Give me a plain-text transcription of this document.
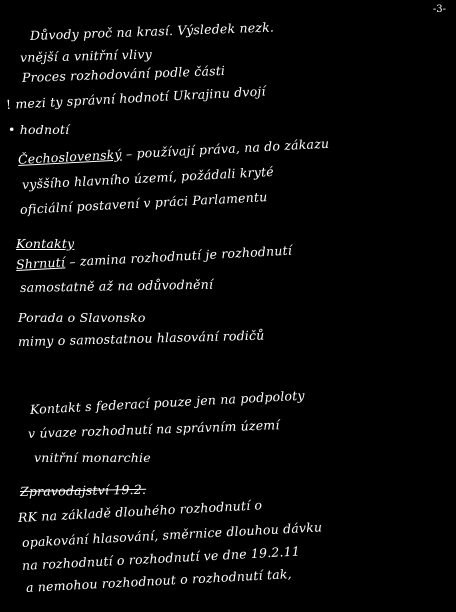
-3-
Důvody proč na krasí. Výsledek nezk.
vnější a vnitřní vlivy
Proces rozhodování podle části
! mezi ty správní hodnotí Ukrajinu dvojí
• hodnotí
Čechoslovenský – používají práva, na do zákazu
vyššího hlavního území, požádali kryté
oficiální postavení v práci Parlamentu
Kontakty
Shrnutí – zamina rozhodnutí je rozhodnutí
samostatně až na odůvodnění
Porada o Slavonsko
mimy o samostatnou hlasování rodičů
Kontakt s federací pouze jen na podpoloty
v úvaze rozhodnutí na správním území
vnitřní monarchie
Zpravodajství 19.2.
RK na základě dlouhého rozhodnutí o
opakování hlasování, směrnice dlouhou dávku
na rozhodnutí o rozhodnutí ve dne 19.2.11
a nemohou rozhodnout o rozhodnutí tak,
